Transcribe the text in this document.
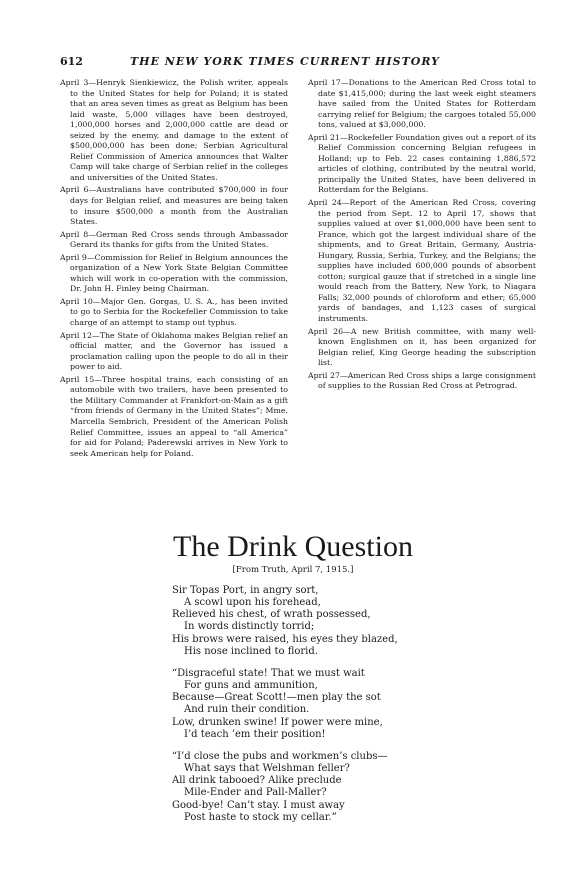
612	THE NEW YORK TIMES CURRENT HISTORY

April 3—Henryk Sienkiewicz, the Polish writer, appeals to the United States for help for Poland; it is stated that an area seven times as great as Belgium has been laid waste, 5,000 villages have been destroyed, 1,000,000 horses and 2,000,000 cattle are dead or seized by the enemy, and damage to the extent of $500,000,000 has been done; Serbian Agricultural Relief Commission of America announces that Walter Camp will take charge of Serbian relief in the colleges and universities of the United States.

April 6—Australians have contributed $700,000 in four days for Belgian relief, and measures are being taken to insure $500,000 a month from the Australian States.

April 8—German Red Cross sends through Ambassador Gerard its thanks for gifts from the United States.

April 9—Commission for Relief in Belgium announces the organization of a New York State Belgian Committee which will work in co-operation with the commission, Dr. John H. Finley being Chairman.

April 10—Major Gen. Gorgas, U. S. A., has been invited to go to Serbia for the Rockefeller Commission to take charge of an attempt to stamp out typhus.

April 12—The State of Oklahoma makes Belgian relief an official matter, and the Governor has issued a proclamation calling upon the people to do all in their power to aid.

April 15—Three hospital trains, each consisting of an automobile with two trailers, have been presented to the Military Commander at Frankfort-on-Main as a gift “from friends of Germany in the United States”; Mme. Marcella Sembrich, President of the American Polish Relief Committee, issues an appeal to “all America” for aid for Poland; Paderewski arrives in New York to seek American help for Poland.

April 17—Donations to the American Red Cross total to date $1,415,000; during the last week eight steamers have sailed from the United States for Rotterdam carrying relief for Belgium; the cargoes totaled 55,000 tons, valued at $3,000,000.

April 21—Rockefeller Foundation gives out a report of its Relief Commission concerning Belgian refugees in Holland; up to Feb. 22 cases containing 1,886,572 articles of clothing, contributed by the neutral world, principally the United States, have been delivered in Rotterdam for the Belgians.

April 24—Report of the American Red Cross, covering the period from Sept. 12 to April 17, shows that supplies valued at over $1,000,000 have been sent to France, which got the largest individual share of the shipments, and to Great Britain, Germany, Austria-Hungary, Russia, Serbia, Turkey, and the Belgians; the supplies have included 600,000 pounds of absorbent cotton; surgical gauze that if stretched in a single line would reach from the Battery, New York, to Niagara Falls; 32,000 pounds of chloroform and ether; 65,000 yards of bandages, and 1,123 cases of surgical instruments.

April 26—A new British committee, with many well-known Englishmen on it, has been organized for Belgian relief, King George heading the subscription list.

April 27—American Red Cross ships a large consignment of supplies to the Russian Red Cross at Petrograd.

The Drink Question
[From Truth, April 7, 1915.]
Sir Topas Port, in angry sort,
A scowl upon his forehead,
Relieved his chest, of wrath possessed,
In words distinctly torrid;
His brows were raised, his eyes they blazed,
His nose inclined to florid.
“Disgraceful state! That we must wait
For guns and ammunition,
Because—Great Scott!—men play the sot
And ruin their condition.
Low, drunken swine! If power were mine,
I’d teach ’em their position!
“I’d close the pubs and workmen’s clubs—
What says that Welshman feller?
All drink tabooed? Alike preclude
Mile-Ender and Pall-Maller?
Good-bye! Can’t stay. I must away
Post haste to stock my cellar.”
